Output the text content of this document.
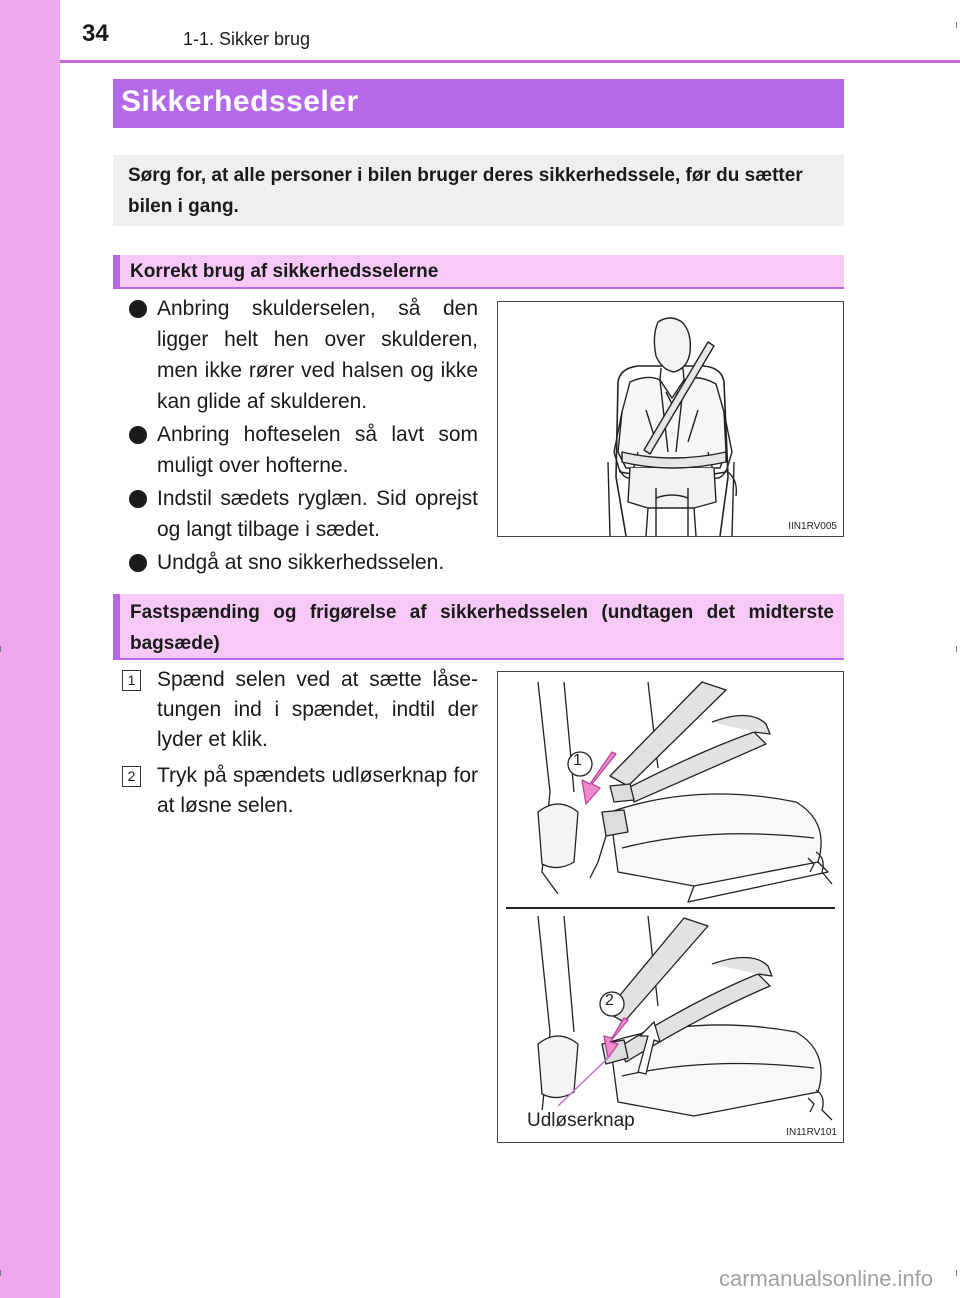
34	1-1. Sikker brug
Sikkerhedsseler

Sørg for, at alle personer i bilen bruger deres sikkerhedssele, før du sætter bilen i gang.

Korrekt brug af sikkerhedsselerne
Anbring skulderselen, så den ligger helt hen over skulderen, men ikke rører ved halsen og ikke kan glide af skulderen.
Anbring hofteselen så lavt som muligt over hofterne.
Indstil sædets ryglæn. Sid oprejst og langt tilbage i sædet.
Undgå at sno sikkerhedsselen.
IIN1RV005
Fastspænding og frigørelse af sikkerhedsselen (undtagen det midterste bagsæde)
1 Spænd selen ved at sætte låse-tungen ind i spændet, indtil der lyder et klik.
2 Tryk på spændets udløserknap for at løsne selen.
1
2
Udløserknap
IN11RV101
carmanualsonline.info
